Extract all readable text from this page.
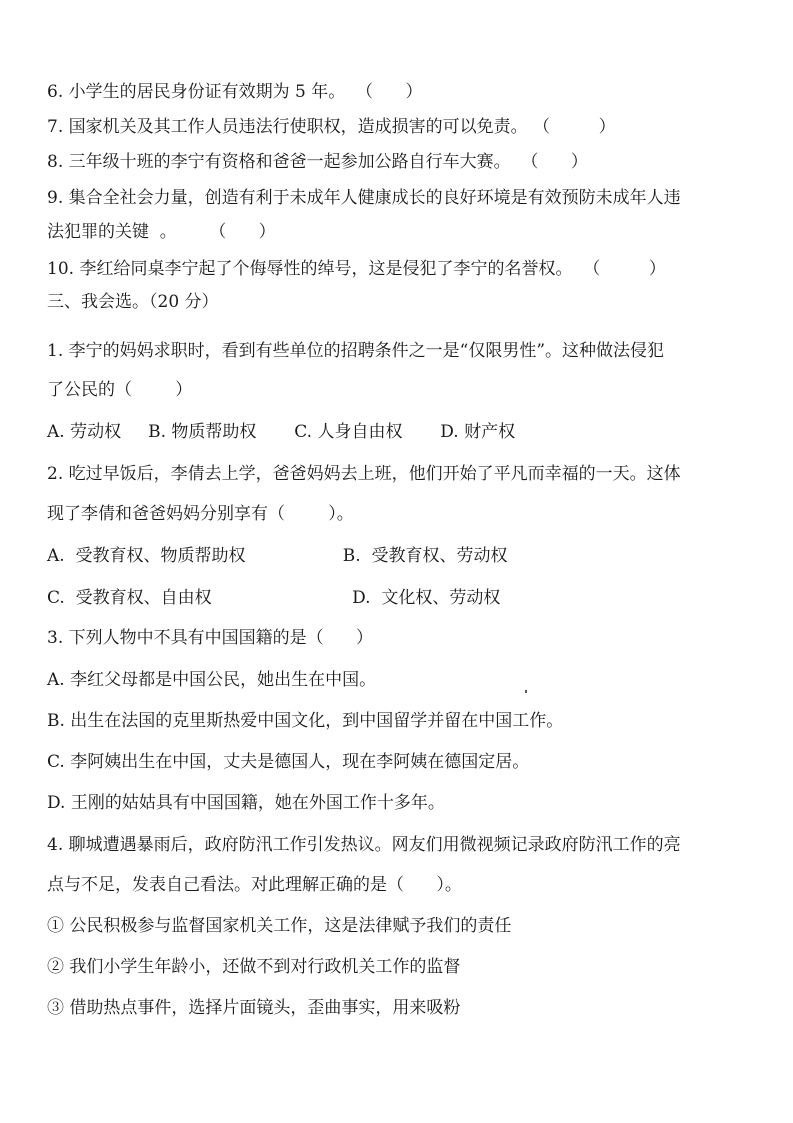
6. 小学生的居民身份证有效期为 5 年。  （      ）
7. 国家机关及其工作人员违法行使职权，造成损害的可以免责。 （         ）
8. 三年级十班的李宁有资格和爸爸一起参加公路自行车大赛。  （      ）
9. 集合全社会力量，创造有利于未成年人健康成长的良好环境是有效预防未成年人违
法犯罪的关键  。      （      ）
10. 李红给同桌李宁起了个侮辱性的绰号，这是侵犯了李宁的名誉权。  （         ）
三、我会选。（20 分）
1. 李宁的妈妈求职时，看到有些单位的招聘条件之一是“仅限男性”。这种做法侵犯
了公民的（        ）
A. 劳动权     B. 物质帮助权       C. 人身自由权       D. 财产权
2. 吃过早饭后，李倩去上学，爸爸妈妈去上班，他们开始了平凡而幸福的一天。这体
现了李倩和爸爸妈妈分别享有（        ）。
A.  受教育权、物质帮助权                  B.  受教育权、劳动权
C.  受教育权、自由权                          D.  文化权、劳动权
3. 下列人物中不具有中国国籍的是（      ）
A. 李红父母都是中国公民，她出生在中国。
B. 出生在法国的克里斯热爱中国文化，到中国留学并留在中国工作。
C. 李阿姨出生在中国，丈夫是德国人，现在李阿姨在德国定居。
D. 王刚的姑姑具有中国国籍，她在外国工作十多年。
4. 聊城遭遇暴雨后，政府防汛工作引发热议。网友们用微视频记录政府防汛工作的亮
点与不足，发表自己看法。对此理解正确的是（      ）。
① 公民积极参与监督国家机关工作，这是法律赋予我们的责任
② 我们小学生年龄小，还做不到对行政机关工作的监督
③ 借助热点事件，选择片面镜头，歪曲事实，用来吸粉
